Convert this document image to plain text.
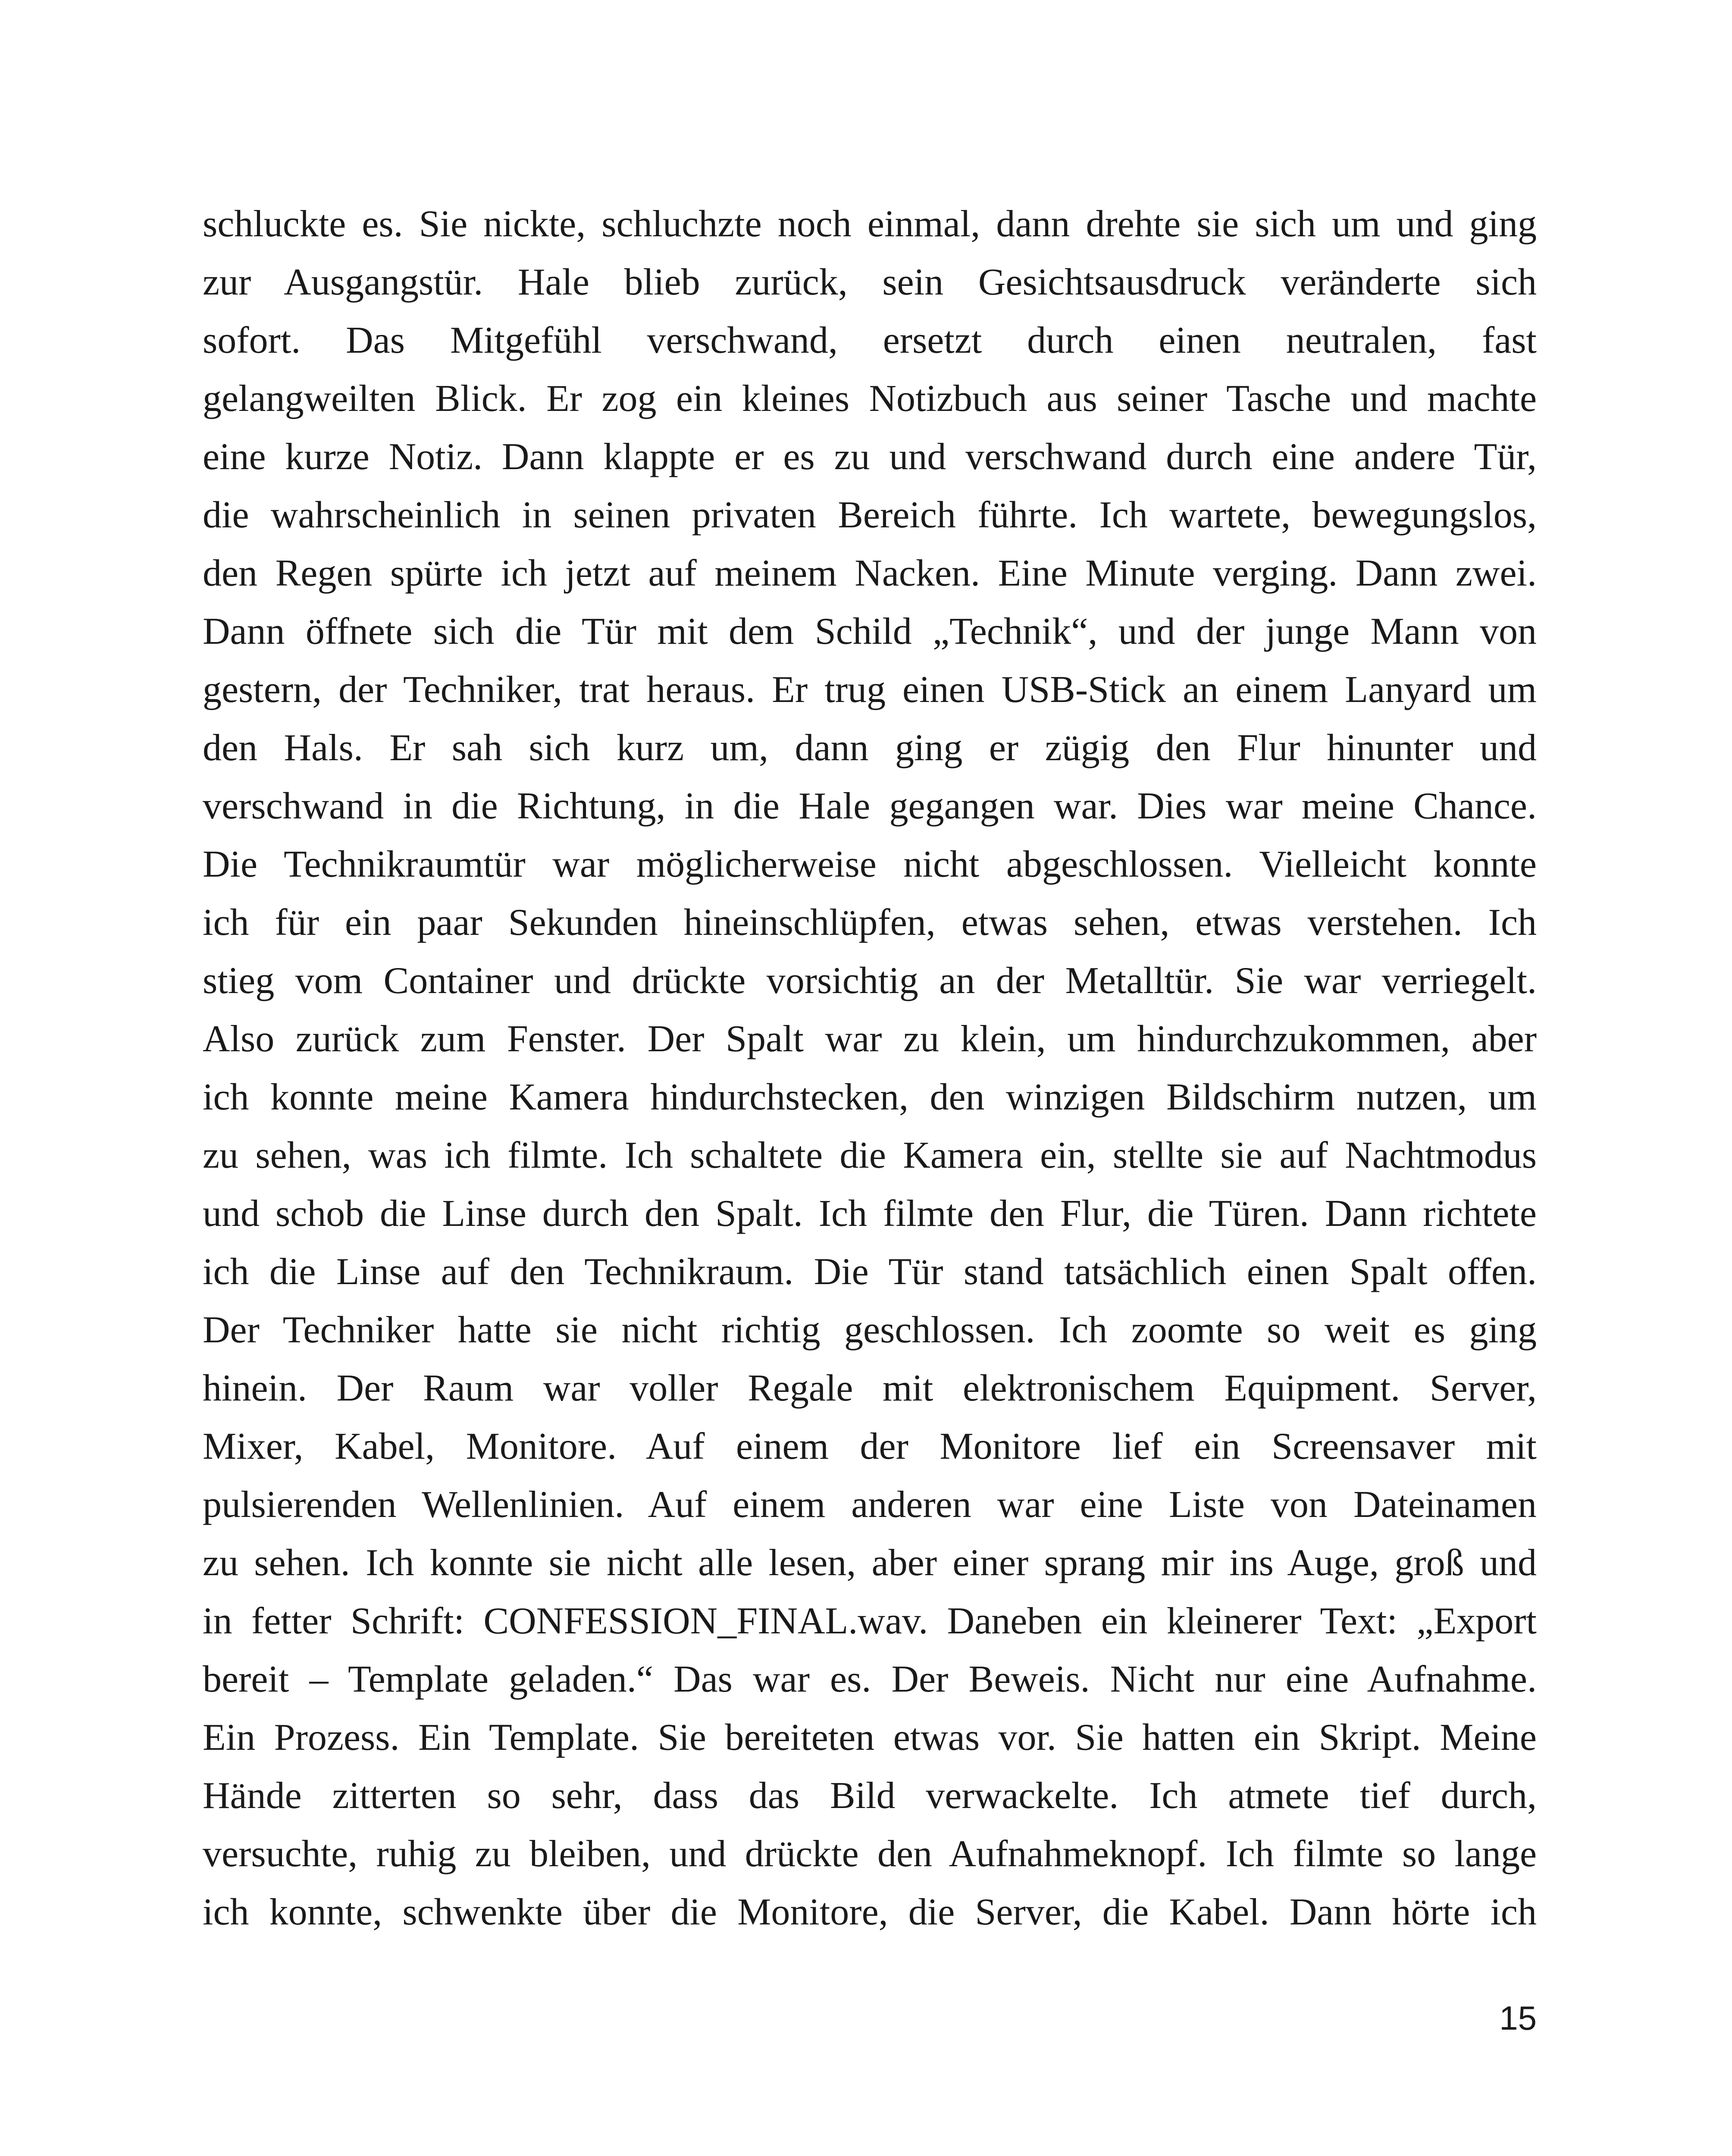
schluckte es. Sie nickte, schluchzte noch einmal, dann drehte sie sich um und ging
zur Ausgangstür. Hale blieb zurück, sein Gesichtsausdruck veränderte sich
sofort. Das Mitgefühl verschwand, ersetzt durch einen neutralen, fast
gelangweilten Blick. Er zog ein kleines Notizbuch aus seiner Tasche und machte
eine kurze Notiz. Dann klappte er es zu und verschwand durch eine andere Tür,
die wahrscheinlich in seinen privaten Bereich führte. Ich wartete, bewegungslos,
den Regen spürte ich jetzt auf meinem Nacken. Eine Minute verging. Dann zwei.
Dann öffnete sich die Tür mit dem Schild „Technik“, und der junge Mann von
gestern, der Techniker, trat heraus. Er trug einen USB-Stick an einem Lanyard um
den Hals. Er sah sich kurz um, dann ging er zügig den Flur hinunter und
verschwand in die Richtung, in die Hale gegangen war. Dies war meine Chance.
Die Technikraumtür war möglicherweise nicht abgeschlossen. Vielleicht konnte
ich für ein paar Sekunden hineinschlüpfen, etwas sehen, etwas verstehen. Ich
stieg vom Container und drückte vorsichtig an der Metalltür. Sie war verriegelt.
Also zurück zum Fenster. Der Spalt war zu klein, um hindurchzukommen, aber
ich konnte meine Kamera hindurchstecken, den winzigen Bildschirm nutzen, um
zu sehen, was ich filmte. Ich schaltete die Kamera ein, stellte sie auf Nachtmodus
und schob die Linse durch den Spalt. Ich filmte den Flur, die Türen. Dann richtete
ich die Linse auf den Technikraum. Die Tür stand tatsächlich einen Spalt offen.
Der Techniker hatte sie nicht richtig geschlossen. Ich zoomte so weit es ging
hinein. Der Raum war voller Regale mit elektronischem Equipment. Server,
Mixer, Kabel, Monitore. Auf einem der Monitore lief ein Screensaver mit
pulsierenden Wellenlinien. Auf einem anderen war eine Liste von Dateinamen
zu sehen. Ich konnte sie nicht alle lesen, aber einer sprang mir ins Auge, groß und
in fetter Schrift: CONFESSION_FINAL.wav. Daneben ein kleinerer Text: „Export
bereit – Template geladen.“ Das war es. Der Beweis. Nicht nur eine Aufnahme.
Ein Prozess. Ein Template. Sie bereiteten etwas vor. Sie hatten ein Skript. Meine
Hände zitterten so sehr, dass das Bild verwackelte. Ich atmete tief durch,
versuchte, ruhig zu bleiben, und drückte den Aufnahmeknopf. Ich filmte so lange
ich konnte, schwenkte über die Monitore, die Server, die Kabel. Dann hörte ich
15
